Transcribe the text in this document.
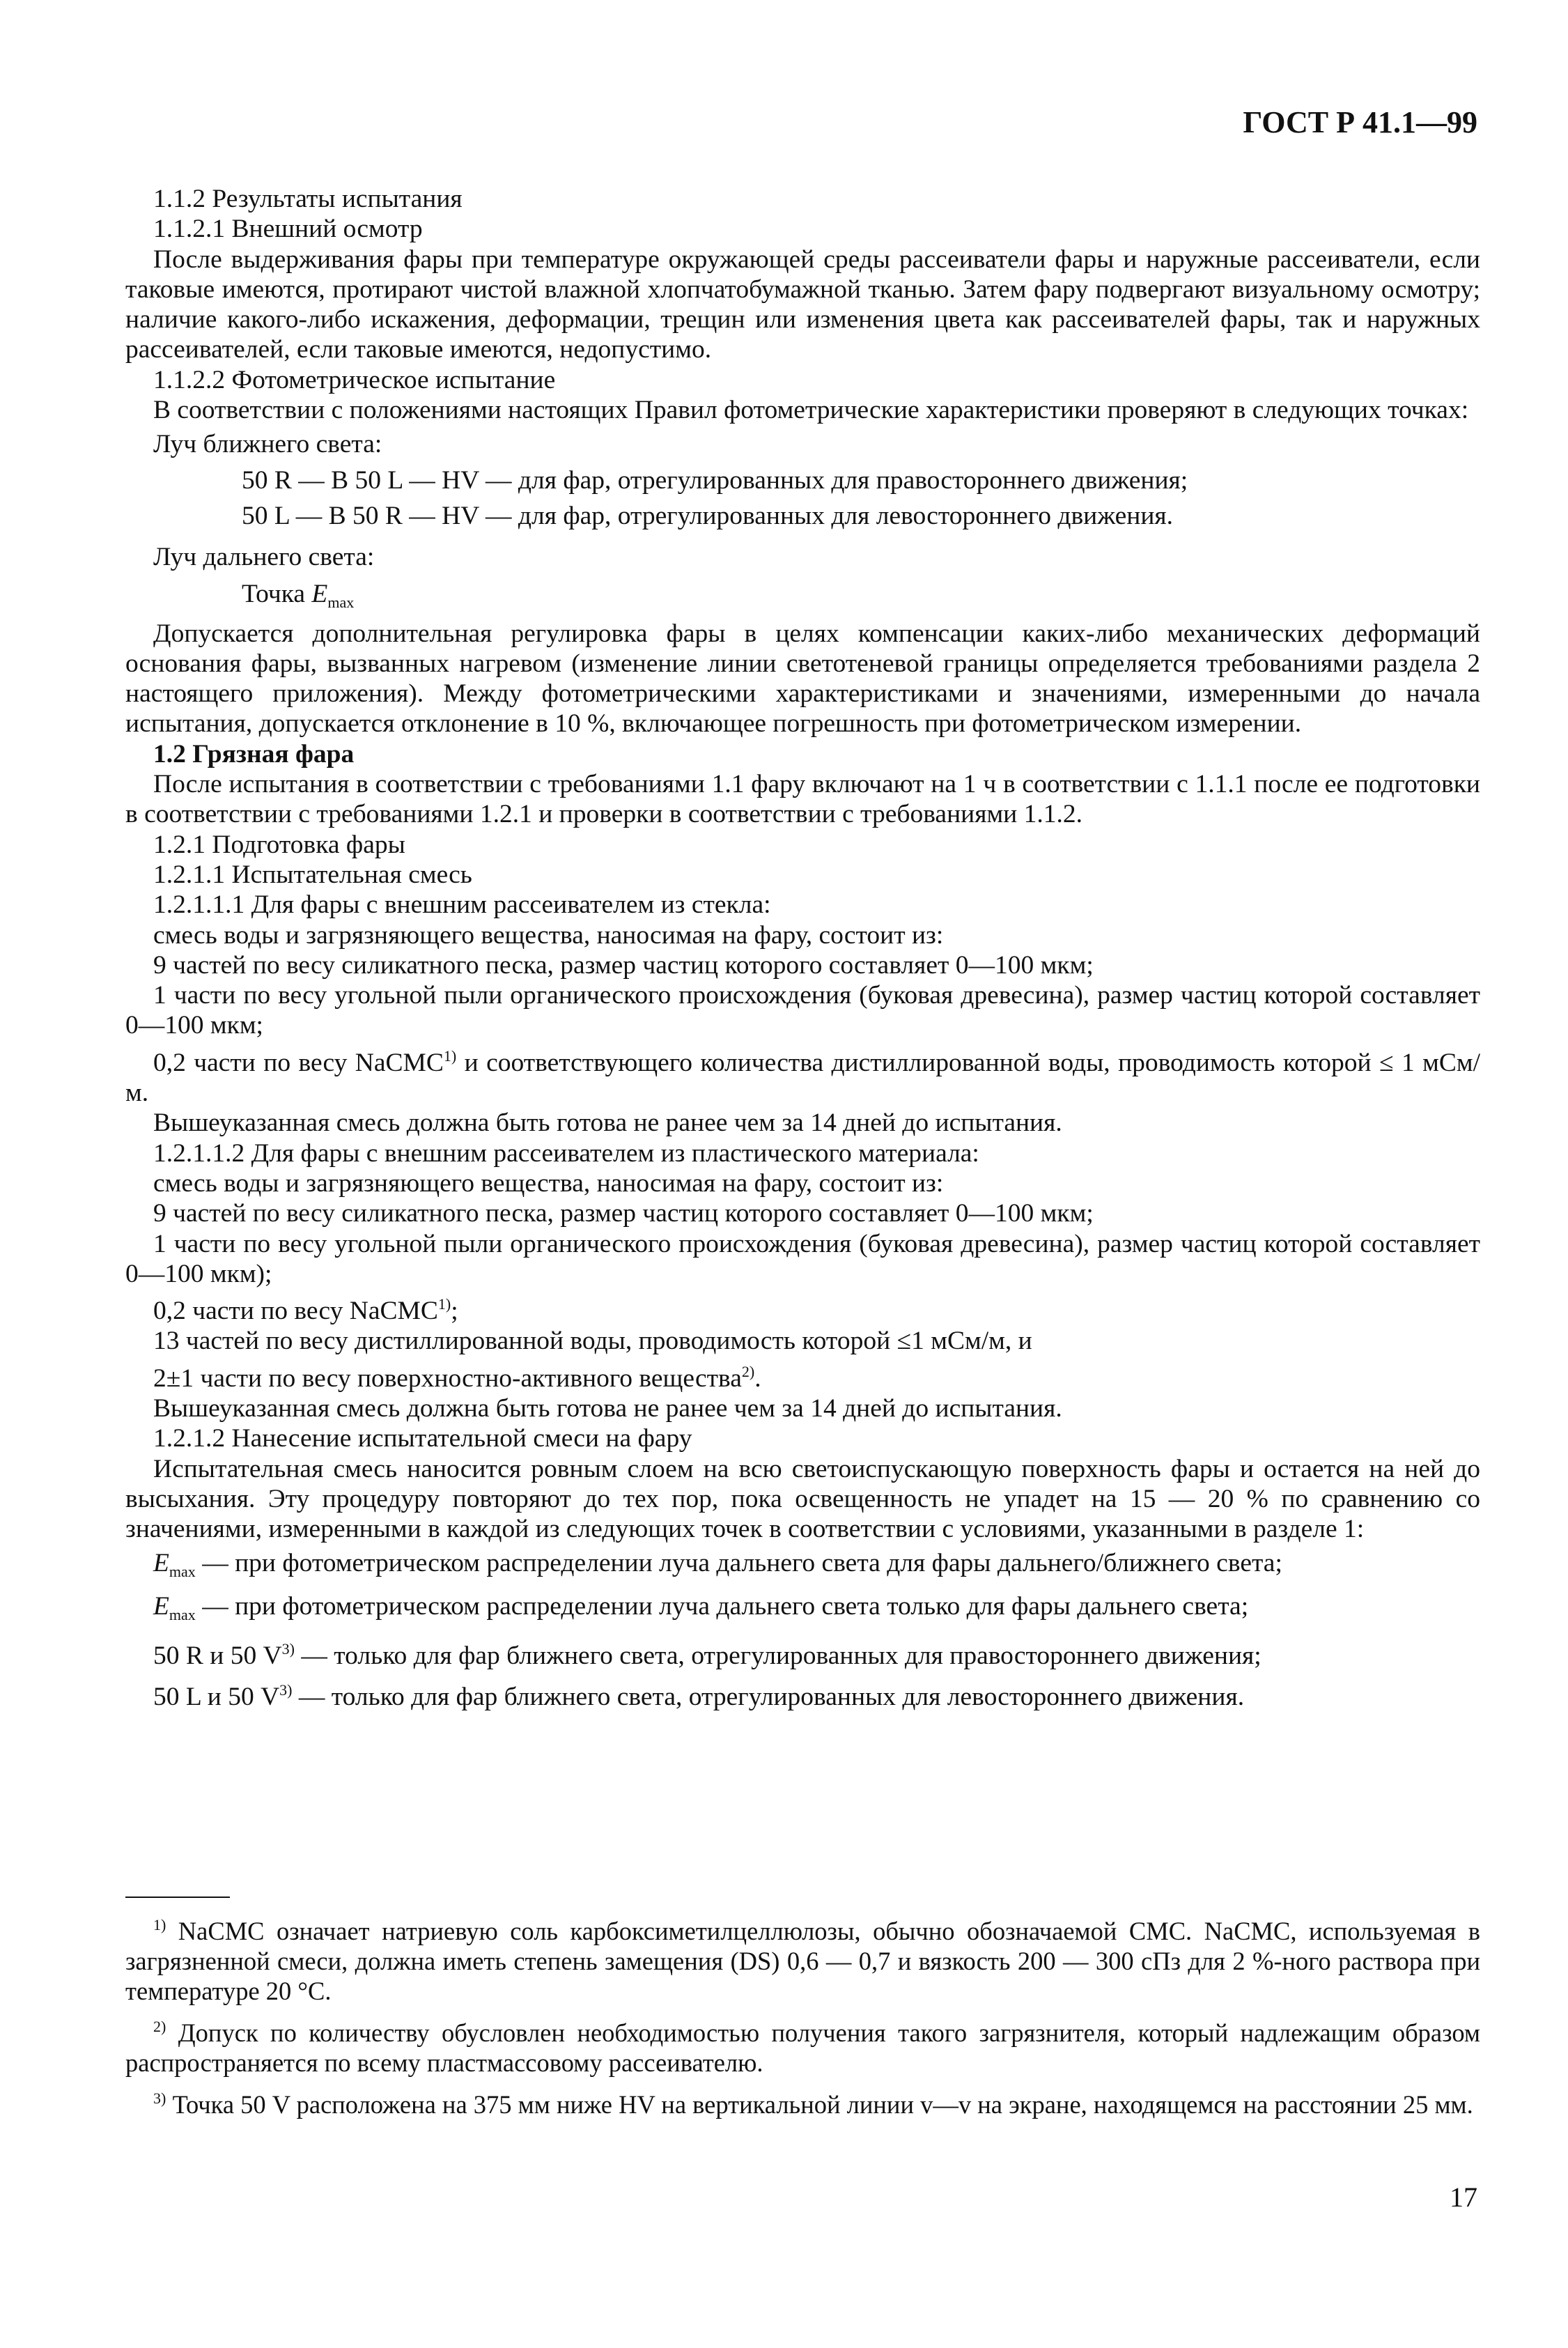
ГОСТ Р 41.1—99

1.1.2 Результаты испытания

1.1.2.1 Внешний осмотр

После выдерживания фары при температуре окружающей среды рассеиватели фары и наружные рассеиватели, если таковые имеются, протирают чистой влажной хлопчатобумажной тканью. Затем фару подвергают визуальному осмотру; наличие какого-либо искажения, деформации, трещин или изменения цвета как рассеивателей фары, так и наружных рассеивателей, если таковые имеются, недопустимо.

1.1.2.2 Фотометрическое испытание

В соответствии с положениями настоящих Правил фотометрические характеристики проверяют в следующих точках:

Луч ближнего света:

50 R — B 50 L — HV — для фар, отрегулированных для правостороннего движения;

50 L — B 50 R — HV — для фар, отрегулированных для левостороннего движения.

Луч дальнего света:

Точка $E_{max}$

Допускается дополнительная регулировка фары в целях компенсации каких-либо механических деформаций основания фары, вызванных нагревом (изменение линии светотеневой границы определяется требованиями раздела 2 настоящего приложения). Между фотометрическими характеристиками и значениями, измеренными до начала испытания, допускается отклонение в 10 %, включающее погрешность при фотометрическом измерении.

1.2 Грязная фара

После испытания в соответствии с требованиями 1.1 фару включают на 1 ч в соответствии с 1.1.1 после ее подготовки в соответствии с требованиями 1.2.1 и проверки в соответствии с требованиями 1.1.2.

1.2.1 Подготовка фары

1.2.1.1 Испытательная смесь

1.2.1.1.1 Для фары с внешним рассеивателем из стекла:

смесь воды и загрязняющего вещества, наносимая на фару, состоит из:

9 частей по весу силикатного песка, размер частиц которого составляет 0—100 мкм;

1 части по весу угольной пыли органического происхождения (буковая древесина), размер частиц которой составляет 0—100 мкм;

0,2 части по весу NaCMC$^{1)}$ и соответствующего количества дистиллированной воды, проводимость которой ≤ 1 мСм/м.

Вышеуказанная смесь должна быть готова не ранее чем за 14 дней до испытания.

1.2.1.1.2 Для фары с внешним рассеивателем из пластического материала:

смесь воды и загрязняющего вещества, наносимая на фару, состоит из:

9 частей по весу силикатного песка, размер частиц которого составляет 0—100 мкм;

1 части по весу угольной пыли органического происхождения (буковая древесина), размер частиц которой составляет 0—100 мкм);

0,2 части по весу NaCMC$^{1)}$;

13 частей по весу дистиллированной воды, проводимость которой ≤1 мСм/м, и

2±1 части по весу поверхностно-активного вещества$^{2)}$.

Вышеуказанная смесь должна быть готова не ранее чем за 14 дней до испытания.

1.2.1.2 Нанесение испытательной смеси на фару

Испытательная смесь наносится ровным слоем на всю светоиспускающую поверхность фары и остается на ней до высыхания. Эту процедуру повторяют до тех пор, пока освещенность не упадет на 15 — 20 % по сравнению со значениями, измеренными в каждой из следующих точек в соответствии с условиями, указанными в разделе 1:

$E_{max}$ — при фотометрическом распределении луча дальнего света для фары дальнего/ближнего света;

$E_{max}$ — при фотометрическом распределении луча дальнего света только для фары дальнего света;

50 R и 50 $V^{3)}$ — только для фар ближнего света, отрегулированных для правостороннего движения;

50 L и 50 $V^{3)}$ — только для фар ближнего света, отрегулированных для левостороннего движения.

$^{1)}$ NaCMC означает натриевую соль карбоксиметилцеллюлозы, обычно обозначаемой CMC. NaCMC, используемая в загрязненной смеси, должна иметь степень замещения (DS) 0,6 — 0,7 и вязкость 200 — 300 сПз для 2 %-ного раствора при температуре 20 °С.

$^{2)}$ Допуск по количеству обусловлен необходимостью получения такого загрязнителя, который надлежащим образом распространяется по всему пластмассовому рассеивателю.

$^{3)}$ Точка 50 V расположена на 375 мм ниже HV на вертикальной линии v—v на экране, находящемся на расстоянии 25 мм.

17
